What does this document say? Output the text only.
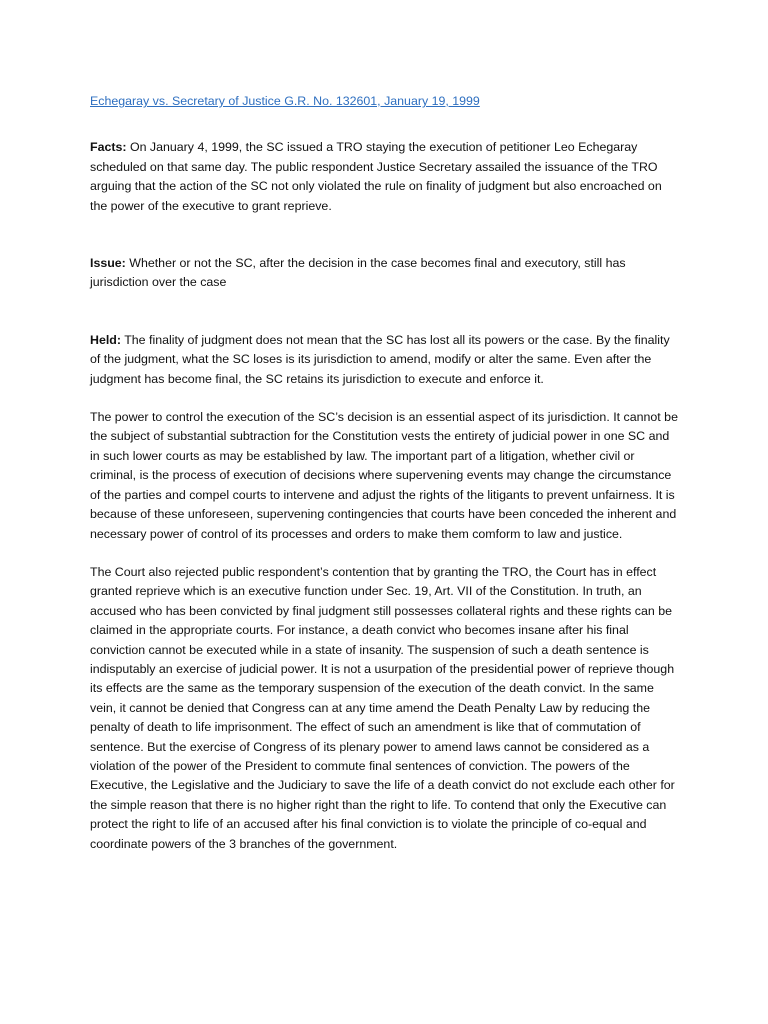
Echegaray vs. Secretary of Justice G.R. No. 132601, January 19, 1999

Facts: On January 4, 1999, the SC issued a TRO staying the execution of petitioner Leo Echegaray scheduled on that same day. The public respondent Justice Secretary assailed the issuance of the TRO arguing that the action of the SC not only violated the rule on finality of judgment but also encroached on the power of the executive to grant reprieve.

Issue: Whether or not the SC, after the decision in the case becomes final and executory, still has jurisdiction over the case

Held: The finality of judgment does not mean that the SC has lost all its powers or the case. By the finality of the judgment, what the SC loses is its jurisdiction to amend, modify or alter the same. Even after the judgment has become final, the SC retains its jurisdiction to execute and enforce it.

The power to control the execution of the SC’s decision is an essential aspect of its jurisdiction. It cannot be the subject of substantial subtraction for the Constitution vests the entirety of judicial power in one SC and in such lower courts as may be established by law. The important part of a litigation, whether civil or criminal, is the process of execution of decisions where supervening events may change the circumstance of the parties and compel courts to intervene and adjust the rights of the litigants to prevent unfairness. It is because of these unforeseen, supervening contingencies that courts have been conceded the inherent and necessary power of control of its processes and orders to make them comform to law and justice.

The Court also rejected public respondent’s contention that by granting the TRO, the Court has in effect granted reprieve which is an executive function under Sec. 19, Art. VII of the Constitution. In truth, an accused who has been convicted by final judgment still possesses collateral rights and these rights can be claimed in the appropriate courts. For instance, a death convict who becomes insane after his final conviction cannot be executed while in a state of insanity. The suspension of such a death sentence is indisputably an exercise of judicial power. It is not a usurpation of the presidential power of reprieve though its effects are the same as the temporary suspension of the execution of the death convict. In the same vein, it cannot be denied that Congress can at any time amend the Death Penalty Law by reducing the penalty of death to life imprisonment. The effect of such an amendment is like that of commutation of sentence. But the exercise of Congress of its plenary power to amend laws cannot be considered as a violation of the power of the President to commute final sentences of conviction. The powers of the Executive, the Legislative and the Judiciary to save the life of a death convict do not exclude each other for the simple reason that there is no higher right than the right to life. To contend that only the Executive can protect the right to life of an accused after his final conviction is to violate the principle of co-equal and coordinate powers of the 3 branches of the government.
